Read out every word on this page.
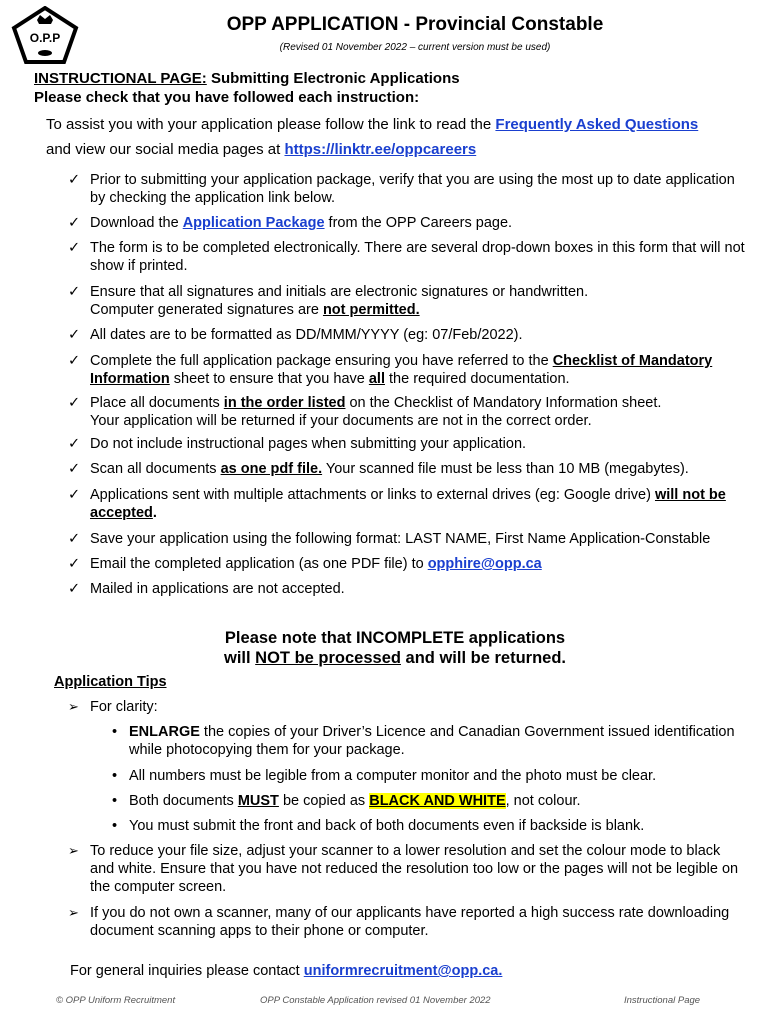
O.P.P
OPP APPLICATION - Provincial Constable
(Revised 01 November 2022 – current version must be used)
INSTRUCTIONAL PAGE: Submitting Electronic Applications
Please check that you have followed each instruction:
To assist you with your application please follow the link to read the Frequently Asked Questions
and view our social media pages at https://linktr.ee/oppcareers
✓ Prior to submitting your application package, verify that you are using the most up to date application by checking the application link below.
✓ Download the Application Package from the OPP Careers page.
✓ The form is to be completed electronically. There are several drop-down boxes in this form that will not show if printed.
✓ Ensure that all signatures and initials are electronic signatures or handwritten.
Computer generated signatures are not permitted.
✓ All dates are to be formatted as DD/MMM/YYYY (eg: 07/Feb/2022).
✓ Complete the full application package ensuring you have referred to the Checklist of Mandatory Information sheet to ensure that you have all the required documentation.
✓ Place all documents in the order listed on the Checklist of Mandatory Information sheet.
Your application will be returned if your documents are not in the correct order.
✓ Do not include instructional pages when submitting your application.
✓ Scan all documents as one pdf file. Your scanned file must be less than 10 MB (megabytes).
✓ Applications sent with multiple attachments or links to external drives (eg: Google drive) will not be accepted.
✓ Save your application using the following format: LAST NAME, First Name Application-Constable
✓ Email the completed application (as one PDF file) to opphire@opp.ca
✓ Mailed in applications are not accepted.
Please note that INCOMPLETE applications
will NOT be processed and will be returned.
Application Tips
➢ For clarity:
• ENLARGE the copies of your Driver’s Licence and Canadian Government issued identification while photocopying them for your package.
• All numbers must be legible from a computer monitor and the photo must be clear.
• Both documents MUST be copied as BLACK AND WHITE, not colour.
• You must submit the front and back of both documents even if backside is blank.
➢ To reduce your file size, adjust your scanner to a lower resolution and set the colour mode to black and white. Ensure that you have not reduced the resolution too low or the pages will not be legible on the computer screen.
➢ If you do not own a scanner, many of our applicants have reported a high success rate downloading document scanning apps to their phone or computer.
For general inquiries please contact uniformrecruitment@opp.ca.
© OPP Uniform Recruitment	OPP Constable Application revised 01 November 2022	Instructional Page
